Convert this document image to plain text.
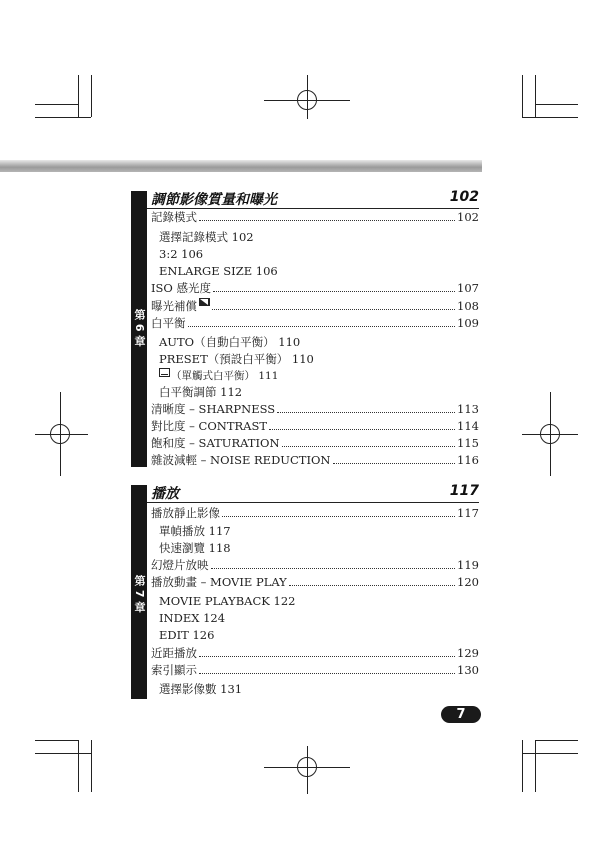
第 6 章
調節影像質量和曝光	102
記錄模式	102
選擇記錄模式 102
3:2 106
ENLARGE SIZE 106
ISO 感光度	107
曝光補償	108
白平衡	109
AUTO（自動白平衡） 110
PRESET（預設白平衡） 110
（單觸式白平衡） 111
白平衡調節 112
清晰度 – SHARPNESS	113
對比度 – CONTRAST	114
飽和度 – SATURATION	115
雜波減輕 – NOISE REDUCTION	116
第 7 章
播放	117
播放靜止影像	117
單幀播放 117
快速瀏覽 118
幻燈片放映	119
播放動畫 – MOVIE PLAY	120
MOVIE PLAYBACK 122
INDEX 124
EDIT 126
近距播放	129
索引顯示	130
選擇影像數 131
7
